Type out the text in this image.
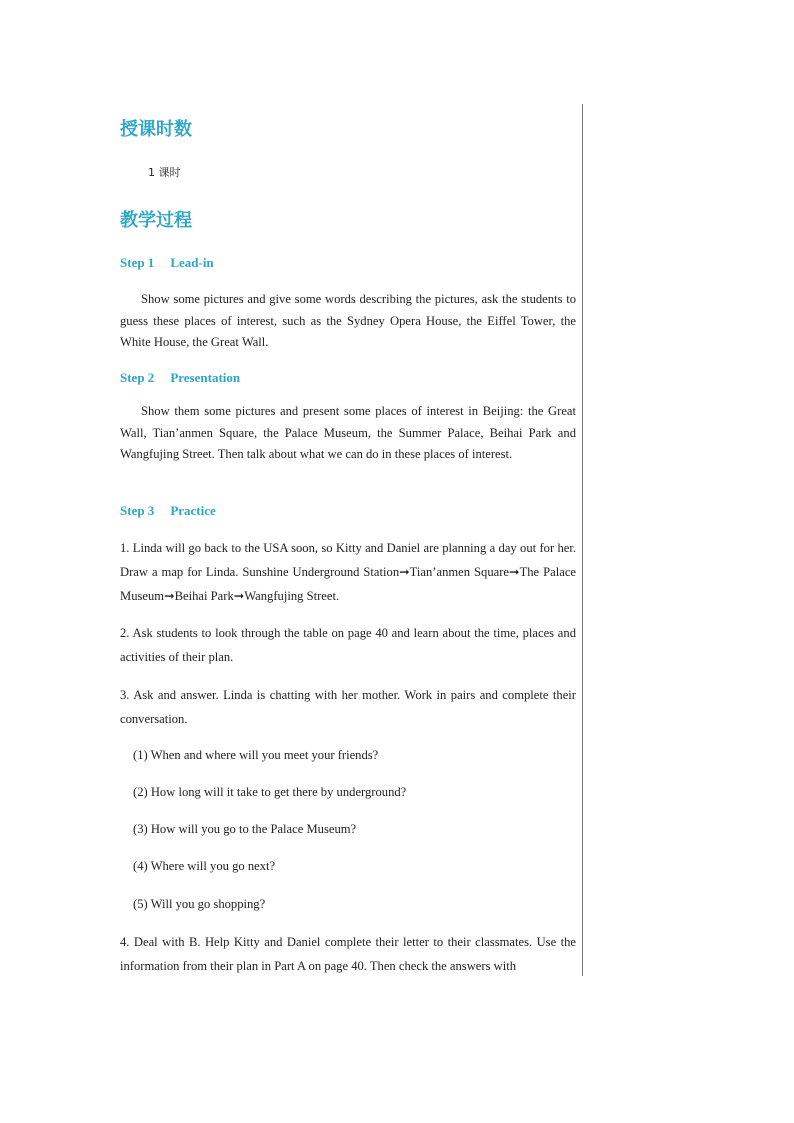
授课时数
1 课时
教学过程
Step 1 Lead-in
Show some pictures and give some words describing the pictures, ask the students to guess these places of interest, such as the Sydney Opera House, the Eiffel Tower, the White House, the Great Wall.
Step 2 Presentation
Show them some pictures and present some places of interest in Beijing: the Great Wall, Tian’anmen Square, the Palace Museum, the Summer Palace, Beihai Park and Wangfujing Street. Then talk about what we can do in these places of interest.
Step 3 Practice
1. Linda will go back to the USA soon, so Kitty and Daniel are planning a day out for her. Draw a map for Linda. Sunshine Underground Station➞Tian’anmen Square➞The Palace Museum➞Beihai Park➞Wangfujing Street.
2. Ask students to look through the table on page 40 and learn about the time, places and activities of their plan.
3. Ask and answer. Linda is chatting with her mother. Work in pairs and complete their conversation.
(1) When and where will you meet your friends?
(2) How long will it take to get there by underground?
(3) How will you go to the Palace Museum?
(4) Where will you go next?
(5) Will you go shopping?
4. Deal with B. Help Kitty and Daniel complete their letter to their classmates. Use the information from their plan in Part A on page 40. Then check the answers with
